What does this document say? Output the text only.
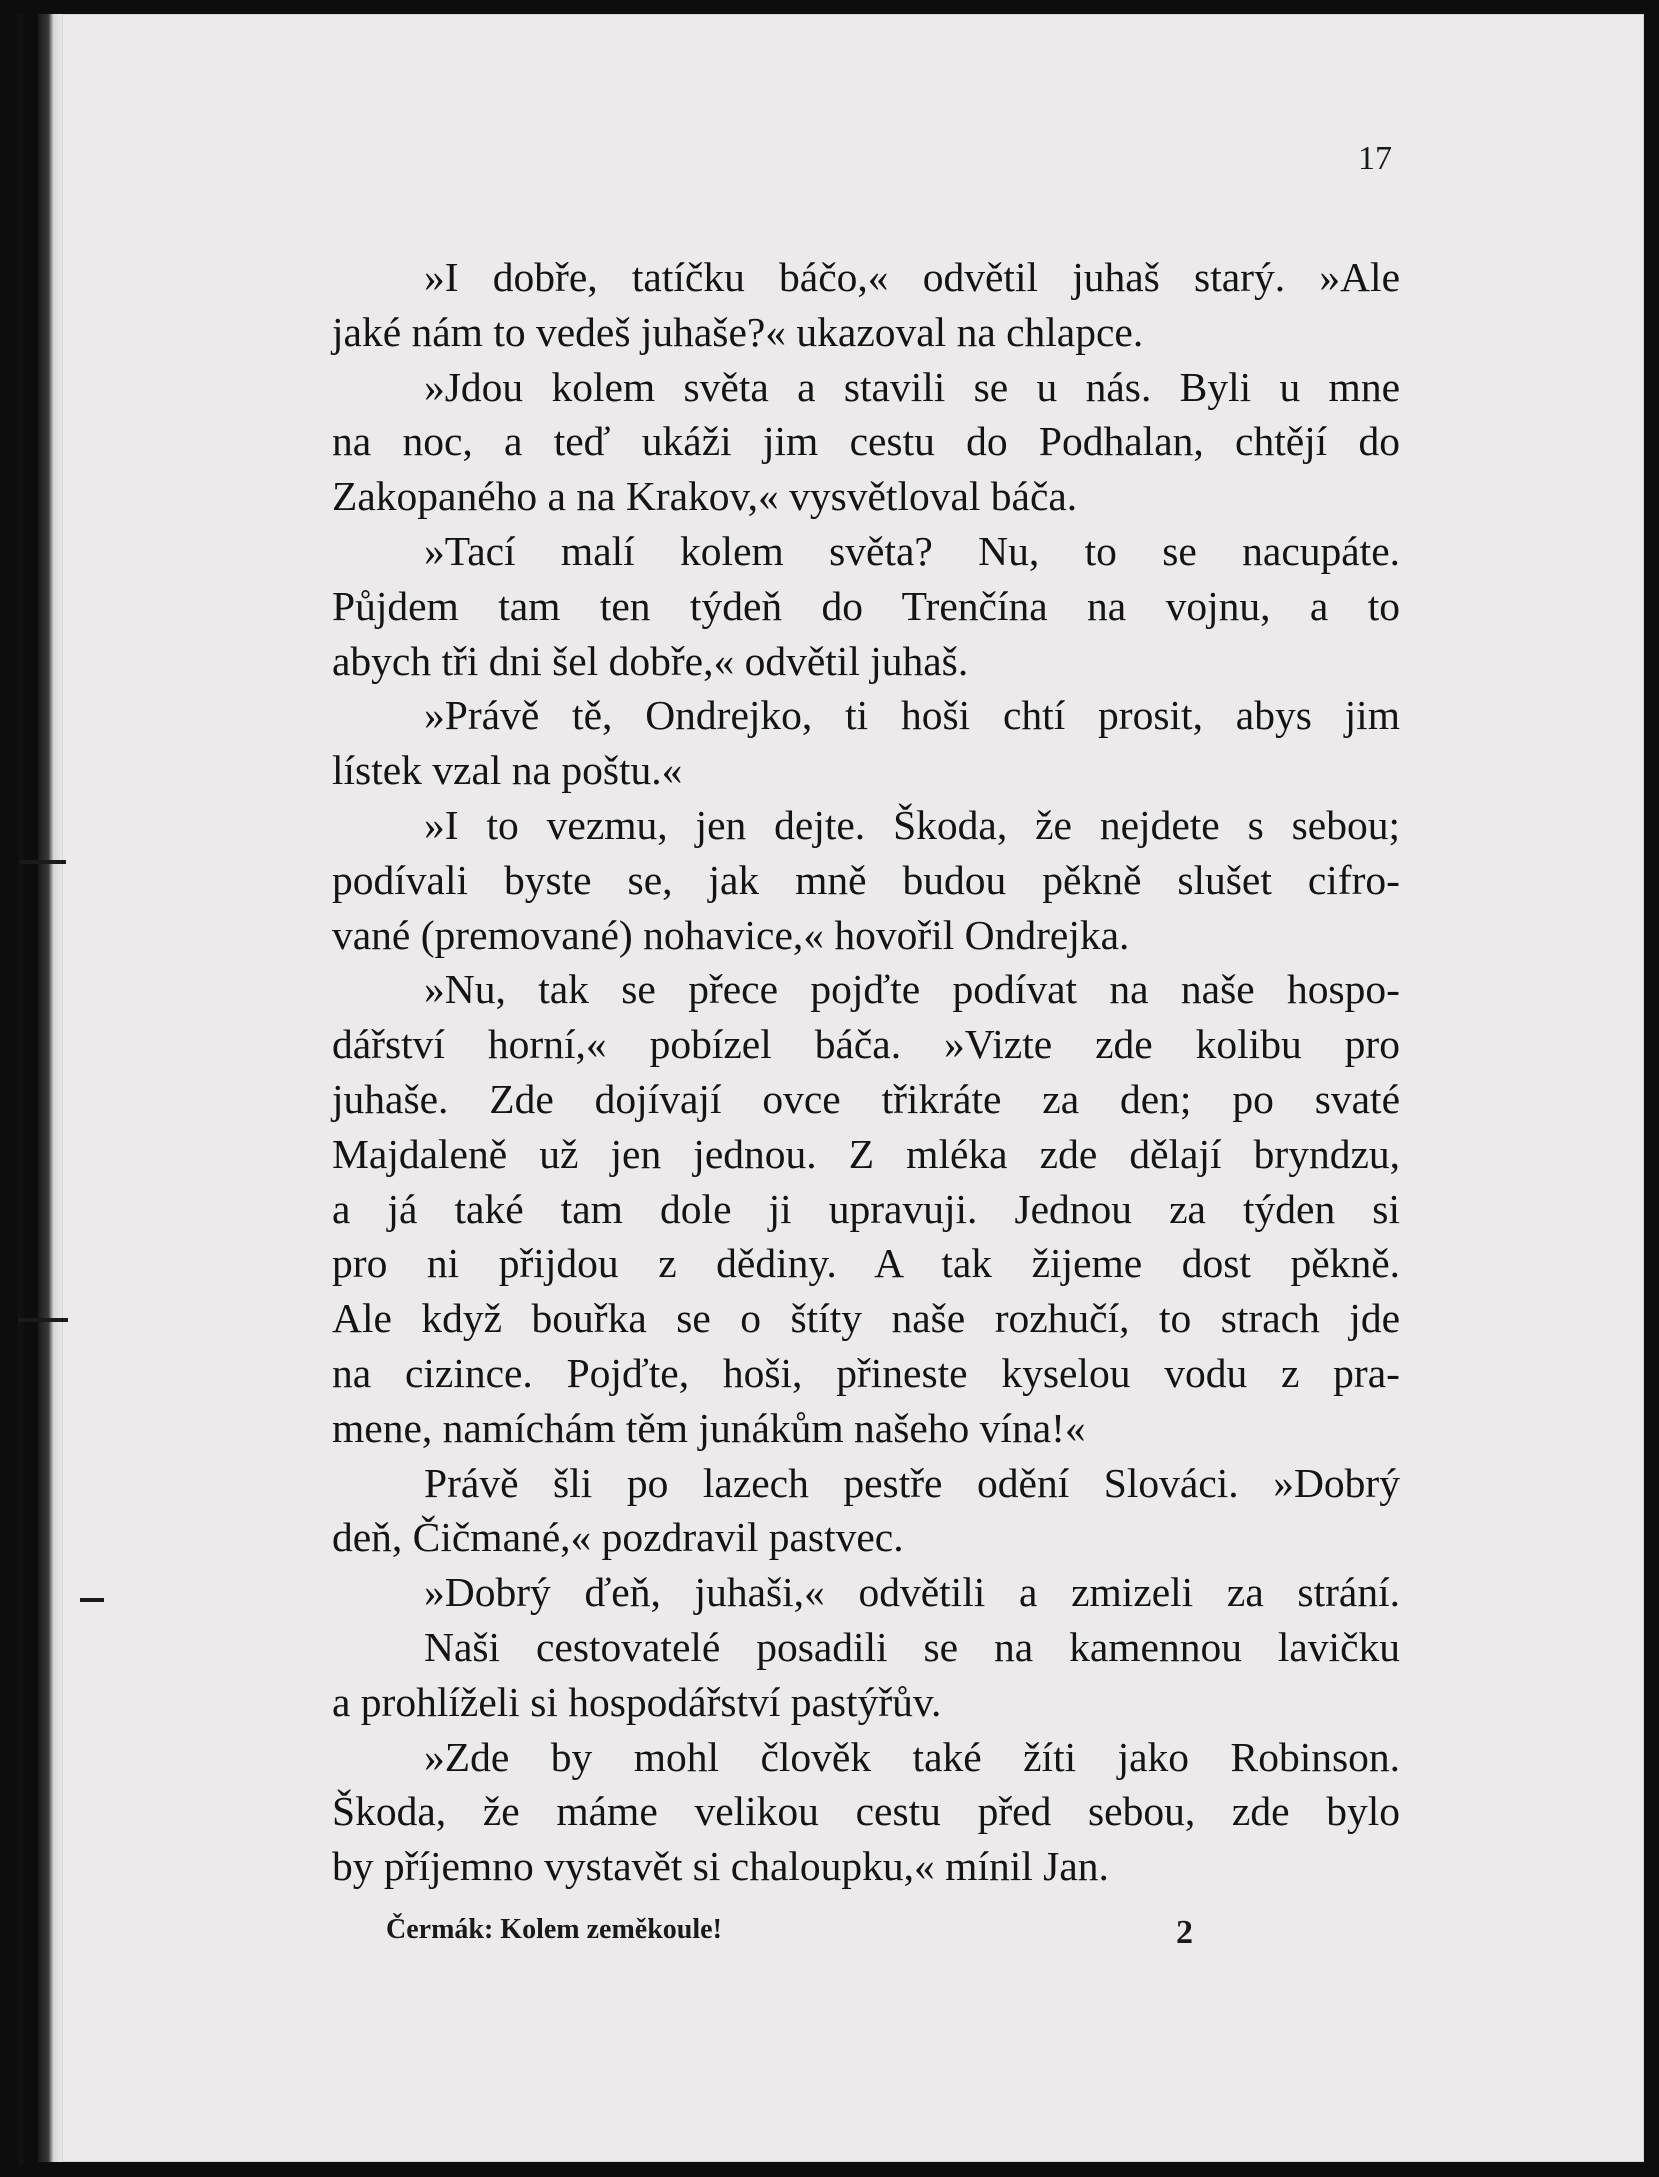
17
»I dobře, tatíčku báčo,« odvětil juhaš starý. »Ale
jaké nám to vedeš juhaše?« ukazoval na chlapce.
»Jdou kolem světa a stavili se u nás. Byli u mne
na noc, a teď ukáži jim cestu do Podhalan, chtějí do
Zakopaného a na Krakov,« vysvětloval báča.
»Tací malí kolem světa? Nu, to se nacupáte.
Půjdem tam ten týdeň do Trenčína na vojnu, a to
abych tři dni šel dobře,« odvětil juhaš.
»Právě tě, Ondrejko, ti hoši chtí prosit, abys jim
lístek vzal na poštu.«
»I to vezmu, jen dejte. Škoda, že nejdete s sebou;
podívali byste se, jak mně budou pěkně slušet cifro-
vané (premované) nohavice,« hovořil Ondrejka.
»Nu, tak se přece pojďte podívat na naše hospo-
dářství horní,« pobízel báča. »Vizte zde kolibu pro
juhaše. Zde dojívají ovce třikráte za den; po svaté
Majdaleně už jen jednou. Z mléka zde dělají bryndzu,
a já také tam dole ji upravuji. Jednou za týden si
pro ni přijdou z dědiny. A tak žijeme dost pěkně.
Ale když bouřka se o štíty naše rozhučí, to strach jde
na cizince. Pojďte, hoši, přineste kyselou vodu z pra-
mene, namíchám těm junákům našeho vína!«
Právě šli po lazech pestře odění Slováci. »Dobrý
deň, Čičmané,« pozdravil pastvec.
»Dobrý ďeň, juhaši,« odvětili a zmizeli za strání.
Naši cestovatelé posadili se na kamennou lavičku
a prohlíželi si hospodářství pastýřův.
»Zde by mohl člověk také žíti jako Robinson.
Škoda, že máme velikou cestu před sebou, zde bylo
by příjemno vystavět si chaloupku,« mínil Jan.
Čermák: Kolem zeměkoule!	2
